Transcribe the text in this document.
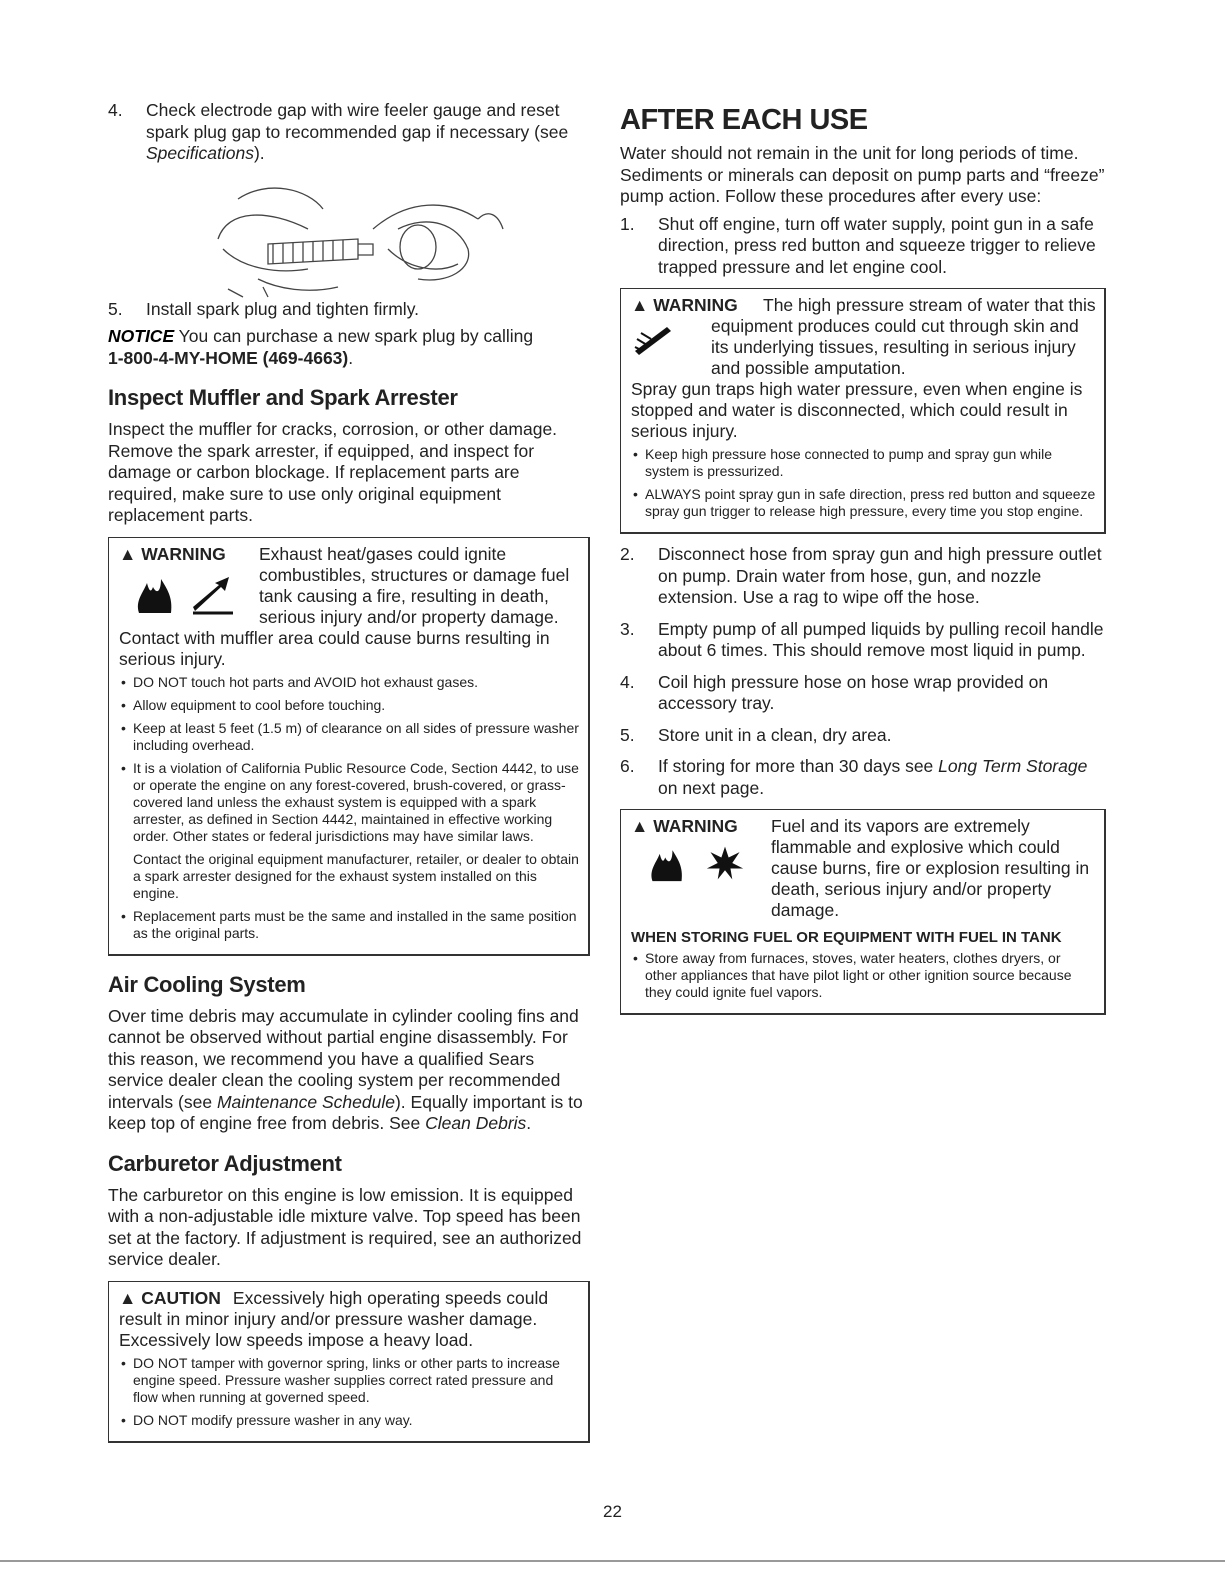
4.	Check electrode gap with wire feeler gauge and reset spark plug gap to recommended gap if necessary (see Specifications).
5.	Install spark plug and tighten firmly.

NOTICE You can purchase a new spark plug by calling
1-800-4-MY-HOME (469-4663).

Inspect Muffler and Spark Arrester

Inspect the muffler for cracks, corrosion, or other damage. Remove the spark arrester, if equipped, and inspect for damage or carbon blockage. If replacement parts are required, make sure to use only original equipment replacement parts.

▲ WARNING	Exhaust heat/gases could ignite combustibles, structures or damage fuel tank causing a fire, resulting in death, serious injury and/or property damage.

Contact with muffler area could cause burns resulting in serious injury.

• DO NOT touch hot parts and AVOID hot exhaust gases.
• Allow equipment to cool before touching.
• Keep at least 5 feet (1.5 m) of clearance on all sides of pressure washer including overhead.
• It is a violation of California Public Resource Code, Section 4442, to use or operate the engine on any forest-covered, brush-covered, or grass-covered land unless the exhaust system is equipped with a spark arrester, as defined in Section 4442, maintained in effective working order. Other states or federal jurisdictions may have similar laws.

Contact the original equipment manufacturer, retailer, or dealer to obtain a spark arrester designed for the exhaust system installed on this engine.

• Replacement parts must be the same and installed in the same position as the original parts.
Air Cooling System

Over time debris may accumulate in cylinder cooling fins and cannot be observed without partial engine disassembly. For this reason, we recommend you have a qualified Sears service dealer clean the cooling system per recommended intervals (see Maintenance Schedule). Equally important is to keep top of engine free from debris. See Clean Debris.

Carburetor Adjustment

The carburetor on this engine is low emission. It is equipped with a non-adjustable idle mixture valve. Top speed has been set at the factory. If adjustment is required, see an authorized service dealer.

▲ CAUTION Excessively high operating speeds could result in minor injury and/or pressure washer damage. Excessively low speeds impose a heavy load.

• DO NOT tamper with governor spring, links or other parts to increase engine speed. Pressure washer supplies correct rated pressure and flow when running at governed speed.
• DO NOT modify pressure washer in any way.
AFTER EACH USE

Water should not remain in the unit for long periods of time. Sediments or minerals can deposit on pump parts and “freeze” pump action. Follow these procedures after every use:

1.	Shut off engine, turn off water supply, point gun in a safe direction, press red button and squeeze trigger to relieve trapped pressure and let engine cool.
▲ WARNING	The high pressure stream of water that this equipment produces could cut through skin and its underlying tissues, resulting in serious injury and possible amputation.

Spray gun traps high water pressure, even when engine is stopped and water is disconnected, which could result in serious injury.

• Keep high pressure hose connected to pump and spray gun while system is pressurized.
• ALWAYS point spray gun in safe direction, press red button and squeeze spray gun trigger to release high pressure, every time you stop engine.
2.	Disconnect hose from spray gun and high pressure outlet on pump. Drain water from hose, gun, and nozzle extension. Use a rag to wipe off the hose.
3.	Empty pump of all pumped liquids by pulling recoil handle about 6 times. This should remove most liquid in pump.
4.	Coil high pressure hose on hose wrap provided on accessory tray.
5.	Store unit in a clean, dry area.
6.	If storing for more than 30 days see Long Term Storage on next page.
▲ WARNING	Fuel and its vapors are extremely flammable and explosive which could cause burns, fire or explosion resulting in death, serious injury and/or property damage.
WHEN STORING FUEL OR EQUIPMENT WITH FUEL IN TANK
• Store away from furnaces, stoves, water heaters, clothes dryers, or other appliances that have pilot light or other ignition source because they could ignite fuel vapors.
22
